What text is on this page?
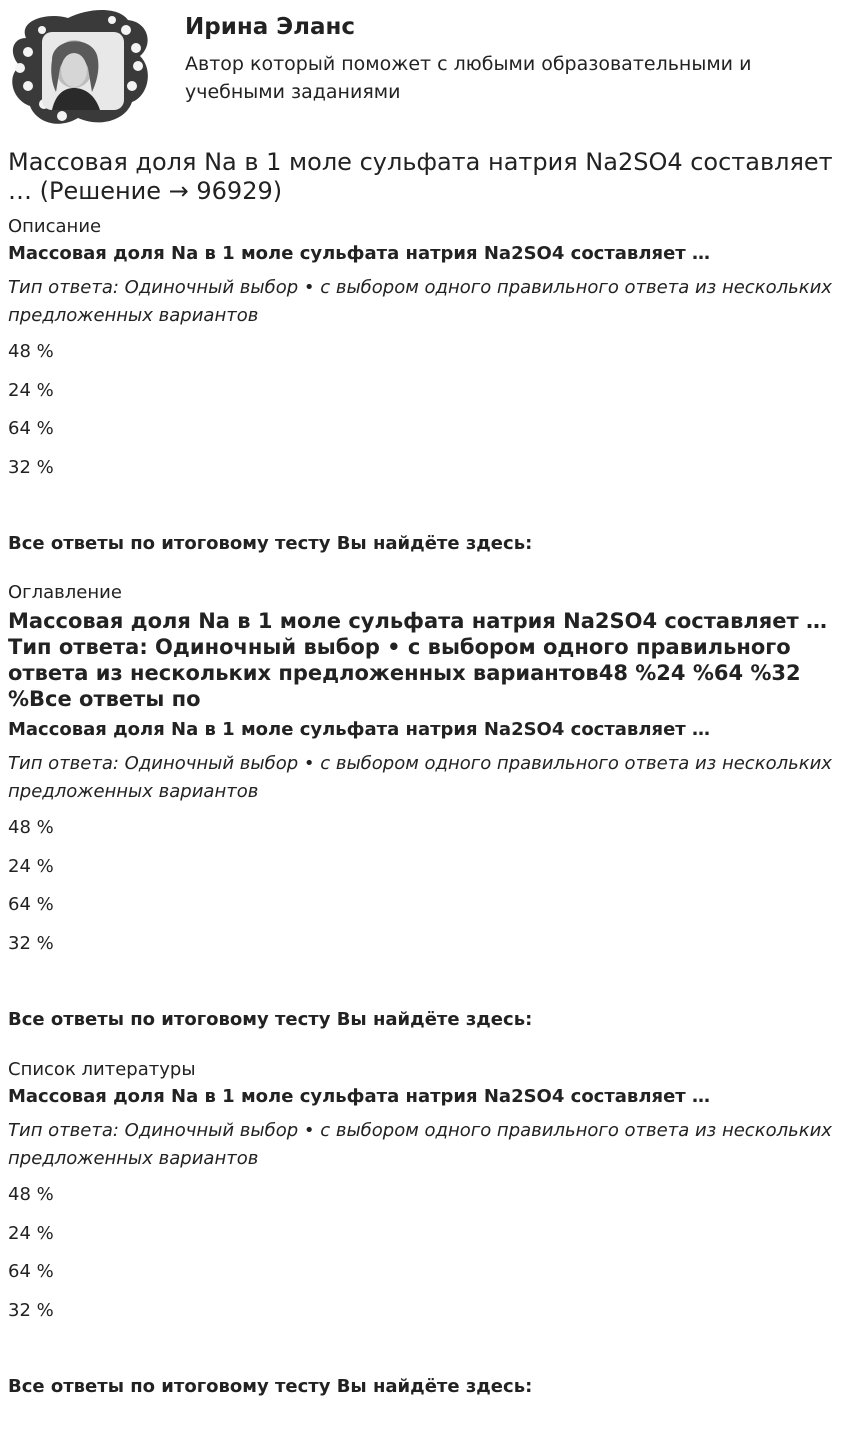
Ирина Эланс
Автор который поможет с любыми образовательными и учебными заданиями
Массовая доля Na в 1 моле сульфата натрия Na2SO4 составляет … (Решение → 96929)
Описание
Массовая доля Na в 1 моле сульфата натрия Na2SO4 составляет …
Тип ответа: Одиночный выбор • с выбором одного правильного ответа из нескольких предложенных вариантов
48 %
24 %
64 %
32 %
Все ответы по итоговому тесту Вы найдёте здесь:
Оглавление
Массовая доля Na в 1 моле сульфата натрия Na2SO4 составляет …Тип ответа: Одиночный выбор • с выбором одного правильного ответа из нескольких предложенных вариантов48 %24 %64 %32 %Все ответы по
Массовая доля Na в 1 моле сульфата натрия Na2SO4 составляет …
Тип ответа: Одиночный выбор • с выбором одного правильного ответа из нескольких предложенных вариантов
48 %
24 %
64 %
32 %
Все ответы по итоговому тесту Вы найдёте здесь:
Список литературы
Массовая доля Na в 1 моле сульфата натрия Na2SO4 составляет …
Тип ответа: Одиночный выбор • с выбором одного правильного ответа из нескольких предложенных вариантов
48 %
24 %
64 %
32 %
Все ответы по итоговому тесту Вы найдёте здесь:
